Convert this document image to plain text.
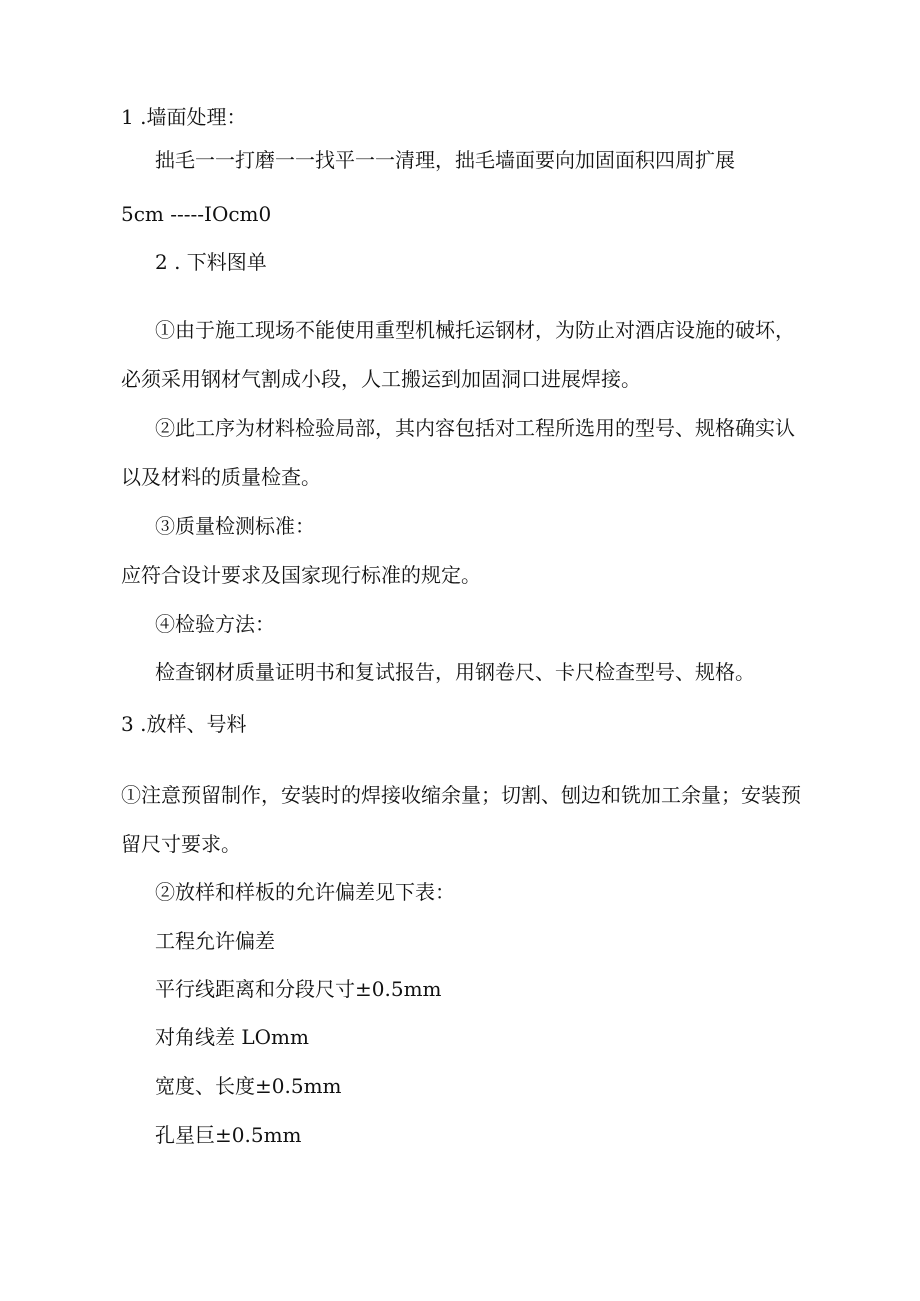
1 .墙面处理：
拙毛一一打磨一一找平一一清理，拙毛墙面要向加固面积四周扩展
5cm -----IOcm0
2 . 下料图单
①由于施工现场不能使用重型机械托运钢材，为防止对酒店设施的破坏，
必须采用钢材气割成小段，人工搬运到加固洞口进展焊接。
②此工序为材料检验局部，其内容包括对工程所选用的型号、规格确实认
以及材料的质量检查。
③质量检测标准：
应符合设计要求及国家现行标准的规定。
④检验方法：
检查钢材质量证明书和复试报告，用钢卷尺、卡尺检查型号、规格。
3 .放样、号料
①注意预留制作，安装时的焊接收缩余量；切割、刨边和铣加工余量；安装预
留尺寸要求。
②放样和样板的允许偏差见下表：
工程允许偏差
平行线距离和分段尺寸±0.5mm
对角线差 LOmm
宽度、长度±0.5mm
孔星巨±0.5mm
